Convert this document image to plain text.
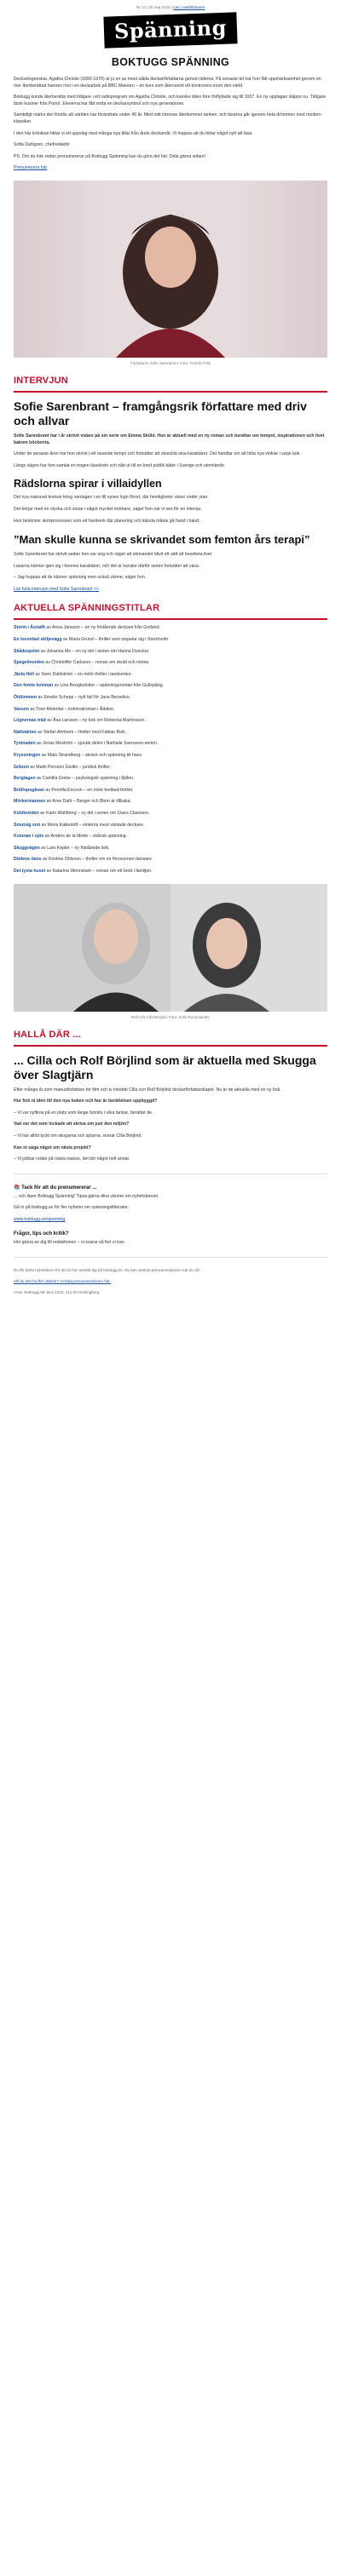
Nr 11 | 30 maj 2025 | Läs i webbläsaren
Spänning
BOKTUGG SPÄNNING

Deckartogenskar. Agatha Christie (1890-1976) är ju en av mest sålda deckarförfattarna genom tiderna. På senaste tid har hon fått uppmärksamhet genom en mer återberättad hannes röst i en deckarbok på BBC Maestro – en kurs som återvunnit ett kontrovers inom den värld.

Boktugg kunde återberätta med tidigare i ett radioprogram om Agatha Christie, och kanske tiden före förflyttade sig till 1937. En ny upplagan släpps nu. Tidigare läste kusiner från Poirot. Eleverna har fått möta en deckarsymbol och nya generationer.

Samtidigt märks det förstås att världen har förändrats under 45 år. Med mitt intresse återkommer tanken, och läsarna går igenom hela drömmen med modern klassiker.

I den här krönikan hittar vi ett uppslag med många nya titlar från årets deckarvår. Vi hoppas att du hittar något nytt att läsa.

Sofia Dahlgren, chefredaktör

PS. Om du inte redan prenumererar på Boktugg Spänning kan du göra det här. Dela gärna vidare!

Prenumerera här

Författaren Sofie Sarenbrant. Foto: Fredrik Frisk
INTERVJUN
Sofie Sarenbrant – framgångsrik författare med driv och allvar

Sofie Sarenbrant har i år skrivit vidare på sin serie om Emma Sköld. Hon är aktuell med en ny roman och berättar om tempot, inspirationen och livet bakom böckerna.

Under de senaste åren har hon skrivit i ett rasande tempo och fortsätter att utveckla sina karaktärer. Det handlar om att hitta nya vinklar i varje bok.

Längs vägen har hon samlat en trogen läsekrets och nått ut till en bred publik både i Sverige och utomlands.

Rädslorna spirar i villaidyllen

Det nya manuset kretsar kring vardagen i en till synes lugn förort, där hemligheter växer under ytan.

Det börjar med en olycka och slutar i något mycket mörkare, säger hon när vi ses för en intervju.

Hon beskriver skrivprocessen som ett hantverk där planering och känsla måste gå hand i hand.

”Man skulle kunna se skrivandet som femton års terapi”

Sofie Sarenbrant har skrivit sedan hon var ung och säger att skrivandet blivit ett sätt att bearbeta livet.

Läsarna känner igen sig i hennes karaktärer, och det är kanske därför serien fortsätter att växa.

– Jag hoppas att de känner spänning men också värme, säger hon.

Läs hela intervjun med Sofie Sarenbrant >>

AKTUELLA SPÄNNINGSTITLAR

Storm i Åsnaflt av Anna Jansson – en ny fristående deckare från Gotland.

En lovordad skiljevägg av Maria Grund – thriller som utspelar sig i Stockholm.

Skådespelet av Johanna Mo – en ny del i serien om Hanna Duncker.

Spegelmorden av Christoffer Carlsson – roman om skuld och minne.

Jävla Hell av Sven Dahlström – en mörk thriller i landsorten.

Den femte kvinnan av Lina Bengtsdotter – spänningsroman från Gullspång.

Öldömmen av Emelie Schepp – nytt fall för Jana Berzelius.

Vassen av Tove Alsterdal – kriminalroman i Ådalen.

Lögnernas träd av Åsa Larsson – ny bok om Rebecka Martinsson.

Nattvakten av Stefan Ahnhem – thriller med Fabian Risk.

Tystnaden av Jonas Moström – sjunde delen i Nathalie Svensson-serien.

Kryssningen av Mats Strandberg – skräck och spänning till havs.

Gråzon av Malin Persson Giolito – juridisk thriller.

Bergtagen av Camilla Grebe – psykologisk spänning i fjällen.

Bröllopsgåvan av Pernilla Ericson – en mörk feelbad-thriller.

Mörkermannen av Arne Dahl – Berger och Blom är tillbaka.

Koldioxiden av Karin Wahlberg – ny del i serien om Claes Claesson.

Smutsig snö av Mons Kallentoft – vinterns mest väntade deckare.

Kvinnan i sjön av Anders de la Motte – skånsk spänning.

Skuggvägen av Lars Kepler – ny fristående bok.

Dödens dans av Kristina Ohlsson – thriller om en försvunnen dansare.

Det tysta huset av Katarina Wennstam – roman om ett brott i familjen.

Rolf och Cilla Börjlind. Foto: Sofia Runarsdotter
HALLÅ DÄR ...
... Cilla och Rolf Börjlind som är aktuella med Skugga över Slagtjärn

Efter många år som manusförfattare för film och tv inledde Cilla och Rolf Börjlind deckarförfattarskapet. Nu är de aktuella med en ny bok.

Hur fick ni idén till den nya boken och hur är berättelsen uppbyggd?

– Vi var nyfikna på en plats som länge funnits i våra tankar, berättar de.

Vad var det som lockade att skriva om just den miljön?

– Vi har alltid tyckt om skogarna och sjöarna, svarar Cilla Börjlind.

Kan ni säga något om nästa projekt?

– Vi jobbar redan på nästa manus, det blir något helt annat.

📚 Tack för att du prenumererar ...

... och läser Boktugg Spänning! Tipsa gärna dina vänner om nyhetsbrevet.

Gå in på boktugg.se för fler nyheter om spänningslitteratur.

www.boktugg.se/spanning

Frågor, tips och kritik?

Hör gärna av dig till redaktionen – vi svarar så fort vi kan.

Du får detta nyhetsbrev för att du har anmält dig på boktugg.se. Du kan avsluta prenumerationen när du vill.

Vill du inte ha fler utskick? Avsluta prenumerationen här.

Ansv. Boktugg AB, Box 1234, 211 00 Helsingborg
